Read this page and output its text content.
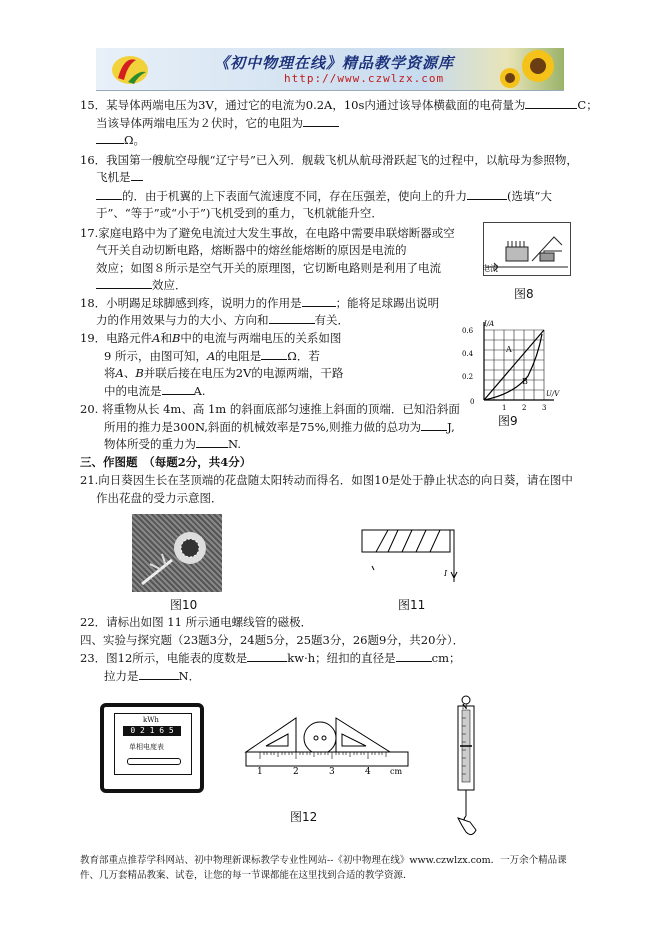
《初中物理在线》精品教学资源库
http://www.czwlzx.com
15．某导体两端电压为3V，通过它的电流为0.2A，10s内通过该导体横截面的电荷量为	C；
当该导体两端电压为２伏时，它的电阻为
Ω。
16．我国第一艘航空母舰“辽宁号”已入列．舰载飞机从航母滑跃起飞的过程中，以航母为参照物，
飞机是
的．由于机翼的上下表面气流速度不同，存在压强差，使向上的升力	(选填“大
于”、“等于”或“小于”)飞机受到的重力，飞机就能升空．
17.家庭电路中为了避免电流过大发生事故，在电路中需要串联熔断器或空
气开关自动切断电路，熔断器中的熔丝能熔断的原因是电流的
效应；如图８所示是空气开关的原理图，它切断电路则是利用了电流
效应．
电流
图8
18．小明踢足球脚感到疼，说明力的作用是	；能将足球踢出说明
力的作用效果与力的大小、方向和	有关．
19．电路元件A和B中的电流与两端电压的关系如图
9 所示，由图可知，A的电阻是 Ω．若
将A、B并联后接在电压为2V的电源两端，干路
中的电流是	A.
A
B
I/A
U/V
0.6
0.4
0.2
0
1 2 3
图9
20. 将重物从长 4m、高 1m 的斜面底部匀速推上斜面的顶端．已知沿斜面
所用的推力是300N,斜面的机械效率是75%,则推力做的总功为 J,
物体所受的重力为	N.
三、作图题　（每题2分，共4分）
21.向日葵因生长在茎顶端的花盘随太阳转动而得名．如图10是处于静止状态的向日葵，请在图中
作出花盘的受力示意图．
图10
I
图11
22．请标出如图 11 所示通电螺线管的磁极．
四、实验与探究题（23题3分，24题5分，25题3分，26题9分，共20分）．
23．图12所示，电能表的度数是	kw·h；纽扣的直径是	cm；
拉力是	N．
kWh
0 2 1 6 5
单相电度表
1	2	3	4 cm
图12
N
教育部重点推荐学科网站、初中物理新课标教学专业性网站--《初中物理在线》www.czwlzx.com．一万余个精品课
件、几万套精品教案、试卷，让您的每一节课都能在这里找到合适的教学资源．
